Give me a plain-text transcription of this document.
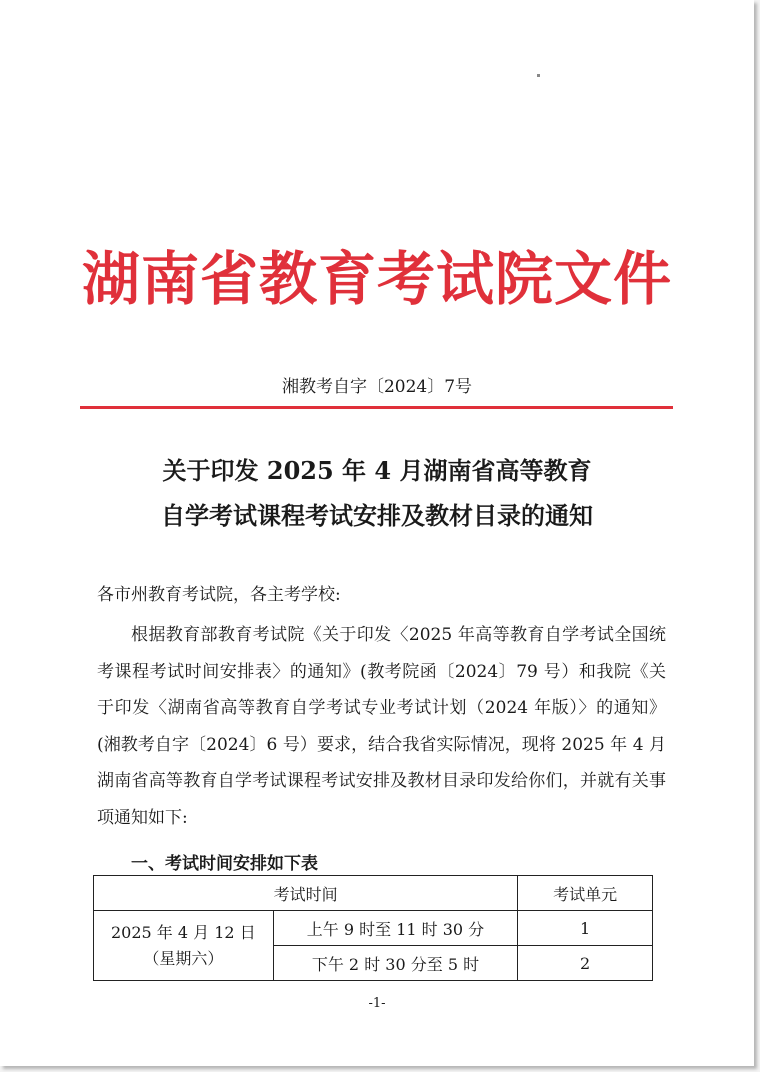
湖南省教育考试院文件
湘教考自字〔2024〕7号
关于印发 2025 年 4 月湖南省高等教育
自学考试课程考试安排及教材目录的通知
各市州教育考试院，各主考学校:
根据教育部教育考试院《关于印发〈2025 年高等教育自学考试全国统考课程考试时间安排表〉的通知》(教考院函〔2024〕79 号）和我院《关于印发〈湖南省高等教育自学考试专业考试计划（2024 年版）〉的通知》(湘教考自字〔2024〕6 号）要求，结合我省实际情况，现将 2025 年 4 月湖南省高等教育自学考试课程考试安排及教材目录印发给你们，并就有关事项通知如下:
一、考试时间安排如下表
考试时间		考试单元

2025 年 4 月 12 日
（星期六）	上午 9 时至 11 时 30 分	1
	下午 2 时 30 分至 5 时	2
-1-
